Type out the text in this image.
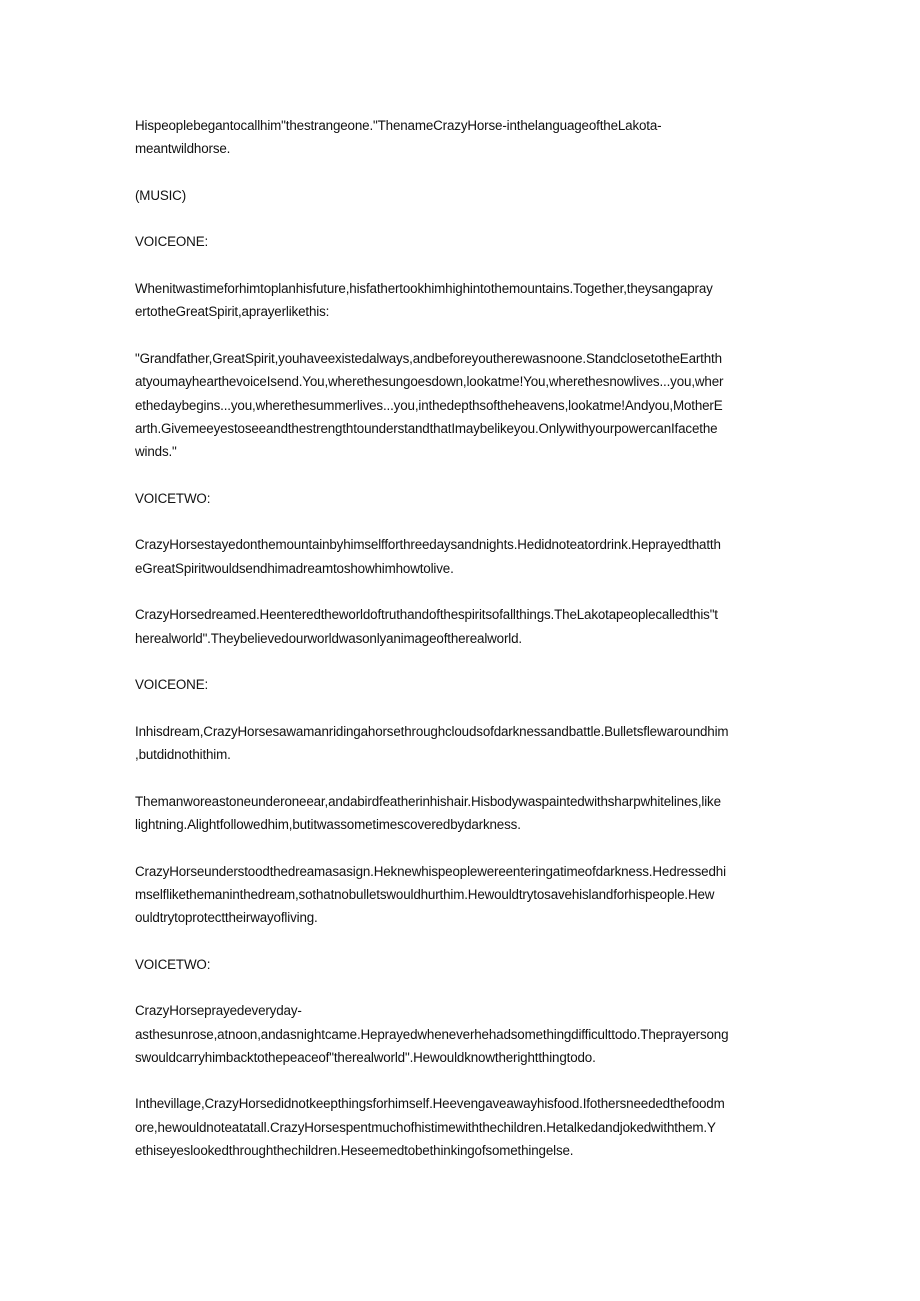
Hispeoplebegantocallhim"thestrangeone."ThenameCrazyHorse-inthelanguageoftheLakota-
meantwildhorse.

(MUSIC)

VOICEONE:

Whenitwastimeforhimtoplanhisfuture,hisfathertookhimhighintothemountains.Together,theysangapray
ertotheGreatSpirit,aprayerlikethis:

"Grandfather,GreatSpirit,youhaveexistedalways,andbeforeyoutherewasnoone.StandclosetotheEarthth
atyoumayhearthevoiceIsend.You,wherethesungoesdown,lookatme!You,wherethesnowlives...you,wher
ethedaybegins...you,wherethesummerlives...you,inthedepthsoftheheavens,lookatme!Andyou,MotherE
arth.GivemeeyestoseeandthestrengthtounderstandthatImaybelikeyou.OnlywithyourpowercanIfacethe
winds."

VOICETWO:

CrazyHorsestayedonthemountainbyhimselfforthreedaysandnights.Hedidnoteatordrink.Heprayedthatth
eGreatSpiritwouldsendhimadreamtoshowhimhowtolive.

CrazyHorsedreamed.Heenteredtheworldoftruthandofthespiritsofallthings.TheLakotapeoplecalledthis"t
herealworld".Theybelievedourworldwasonlyanimageoftherealworld.

VOICEONE:

Inhisdream,CrazyHorsesawamanridingahorsethroughcloudsofdarknessandbattle.Bulletsflewaroundhim
,butdidnothithim.

Themanworeastoneunderoneear,andabirdfeatherinhishair.Hisbodywaspaintedwithsharpwhitelines,like
lightning.Alightfollowedhim,butitwassometimescoveredbydarkness.

CrazyHorseunderstoodthedreamasasign.Heknewhispeoplewereenteringatimeofdarkness.Hedressedhi
mselflikethemaninthedream,sothatnobulletswouldhurthim.Hewouldtrytosavehislandforhispeople.Hew
ouldtrytoprotecttheirwayofliving.

VOICETWO:

CrazyHorseprayedeveryday-
asthesunrose,atnoon,andasnightcame.Heprayedwheneverhehadsomethingdifficulttodo.Theprayersong
swouldcarryhimbacktothepeaceof"therealworld".Hewouldknowtherightthingtodo.

Inthevillage,CrazyHorsedidnotkeepthingsforhimself.Heevengaveawayhisfood.Ifothersneededthefoodm
ore,hewouldnoteatatall.CrazyHorsespentmuchofhistimewiththechildren.Hetalkedandjokedwiththem.Y
ethiseyeslookedthroughthechildren.Heseemedtobethinkingofsomethingelse.
